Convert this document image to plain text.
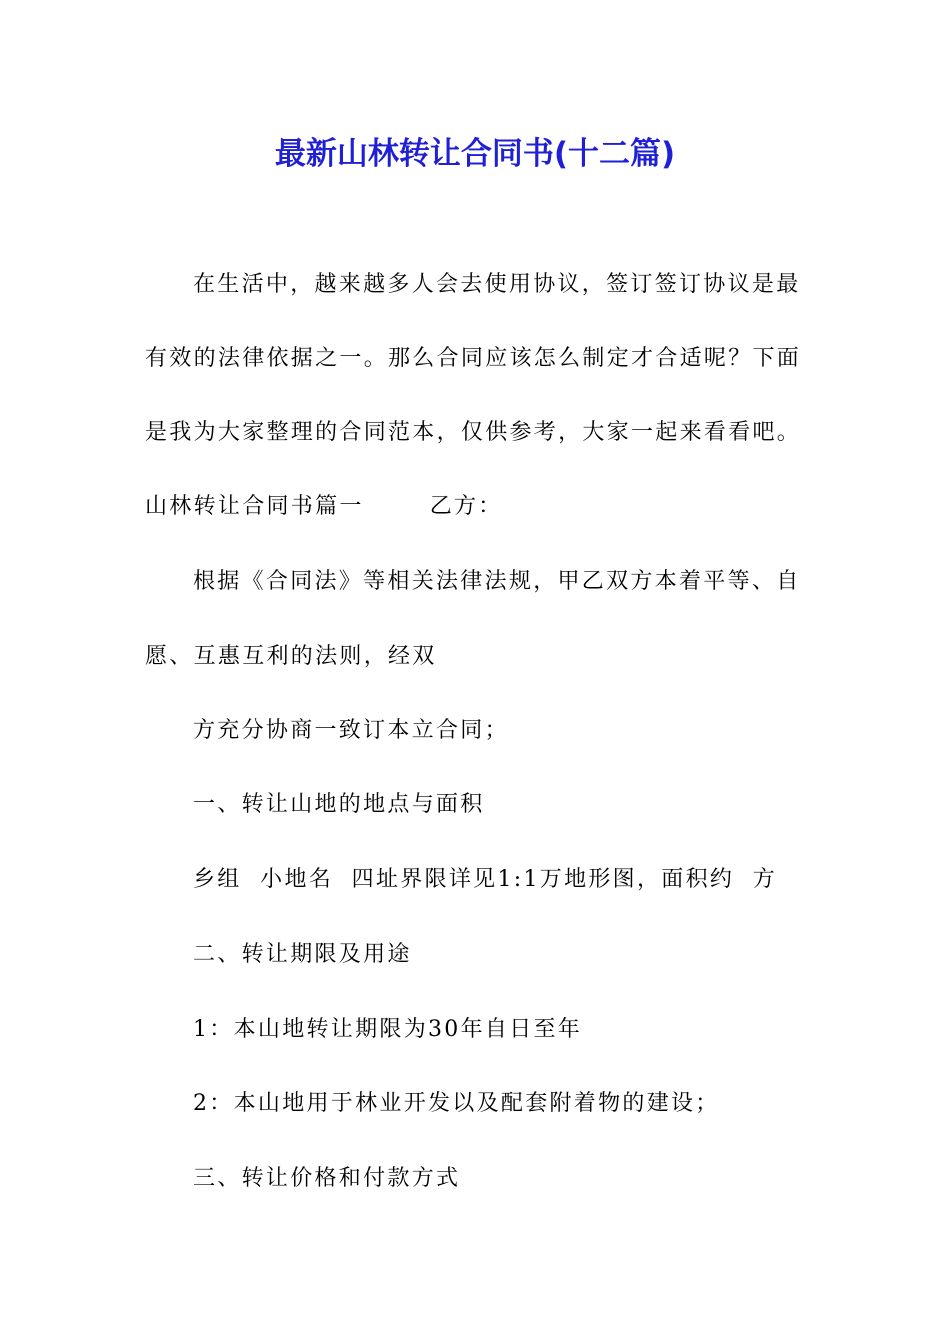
最新山林转让合同书(十二篇)

在生活中，越来越多人会去使用协议，签订签订协议是最

有效的法律依据之一。那么合同应该怎么制定才合适呢？下面

是我为大家整理的合同范本，仅供参考，大家一起来看看吧。

山林转让合同书篇一	乙方：

根据《合同法》等相关法律法规，甲乙双方本着平等、自

愿、互惠互利的法则，经双

方充分协商一致订本立合同；

一、转让山地的地点与面积

乡组  小地名  四址界限详见1:1万地形图，面积约  方

二、转让期限及用途

1：本山地转让期限为30年自日至年

2：本山地用于林业开发以及配套附着物的建设；

三、转让价格和付款方式
